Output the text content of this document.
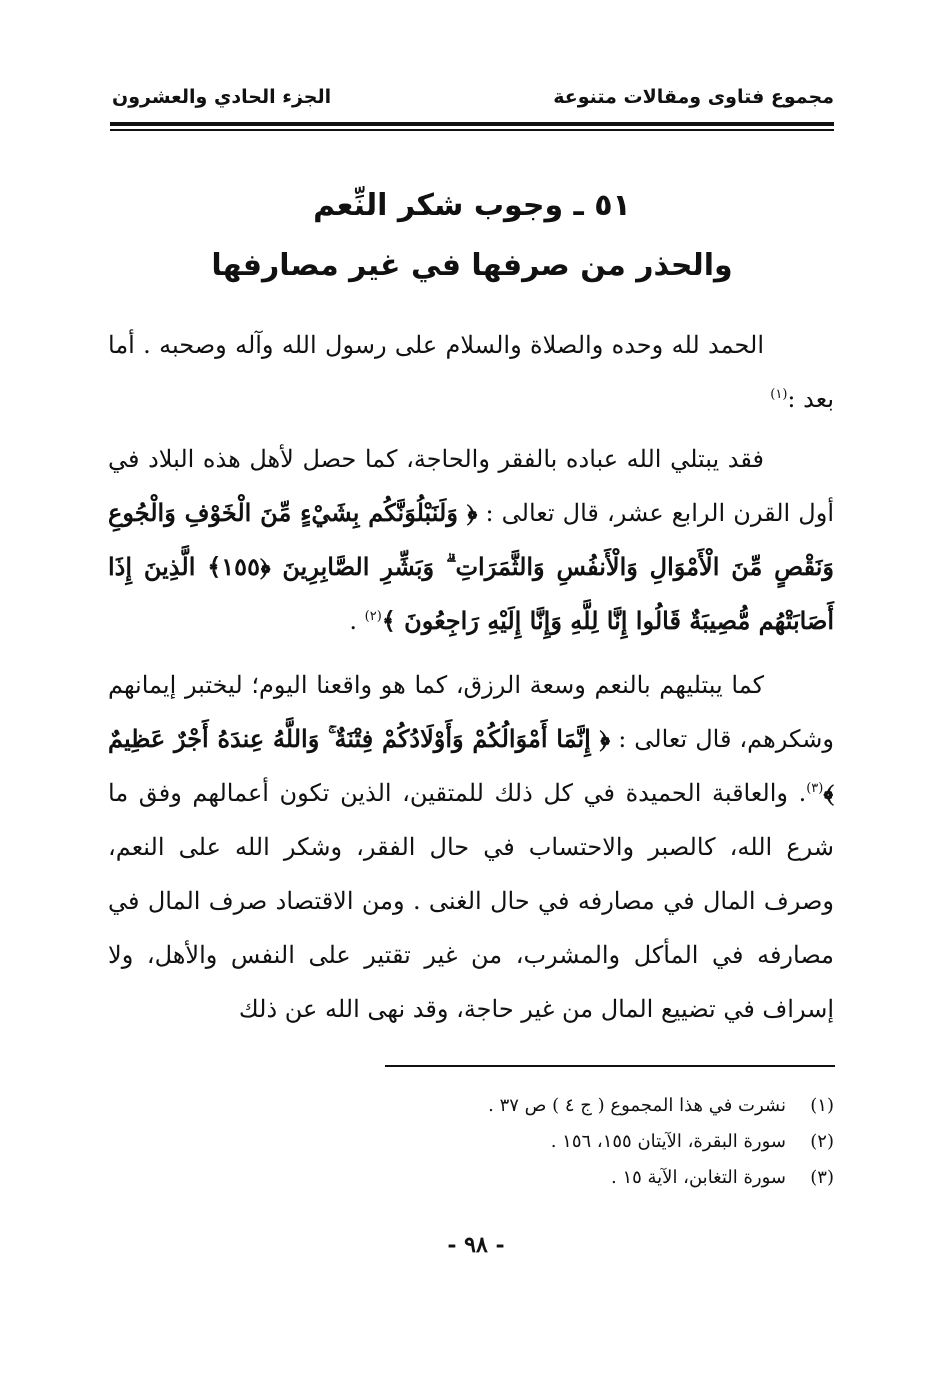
مجموع فتاوى ومقالات متنوعة
الجزء الحادي والعشرون
٥١ ـ وجوب شكر النِّعم
والحذر من صرفها في غير مصارفها

الحمد لله وحده والصلاة والسلام على رسول الله وآله وصحبه . أما بعد :$^{(١)}$

فقد يبتلي الله عباده بالفقر والحاجة، كما حصل لأهل هذه البلاد في أول القرن الرابع عشر، قال تعالى : ﴿ وَلَنَبْلُوَنَّكُم بِشَيْءٍ مِّنَ الْخَوْفِ وَالْجُوعِ وَنَقْصٍ مِّنَ الْأَمْوَالِ وَالْأَنفُسِ وَالثَّمَرَاتِ ۗ وَبَشِّرِ الصَّابِرِينَ ﴿١٥٥﴾ الَّذِينَ إِذَا أَصَابَتْهُم مُّصِيبَةٌ قَالُوا إِنَّا لِلَّهِ وَإِنَّا إِلَيْهِ رَاجِعُونَ ﴾$^{(٢)}$ .

كما يبتليهم بالنعم وسعة الرزق، كما هو واقعنا اليوم؛ ليختبر إيمانهم وشكرهم، قال تعالى : ﴿ إِنَّمَا أَمْوَالُكُمْ وَأَوْلَادُكُمْ فِتْنَةٌ ۚ وَاللَّهُ عِندَهُ أَجْرٌ عَظِيمٌ ﴾$^{(٣)}$. والعاقبة الحميدة في كل ذلك للمتقين، الذين تكون أعمالهم وفق ما شرع الله، كالصبر والاحتساب في حال الفقر، وشكر الله على النعم، وصرف المال في مصارفه في حال الغنى . ومن الاقتصاد صرف المال في مصارفه في المأكل والمشرب، من غير تقتير على النفس والأهل، ولا إسراف في تضييع المال من غير حاجة، وقد نهى الله عن ذلك

(١)
نشرت في هذا المجموع ( ج ٤ ) ص ٣٧ .
(٢)
سورة البقرة، الآيتان ١٥٥، ١٥٦ .
(٣)
سورة التغابن، الآية ١٥ .
- ٩٨ -
